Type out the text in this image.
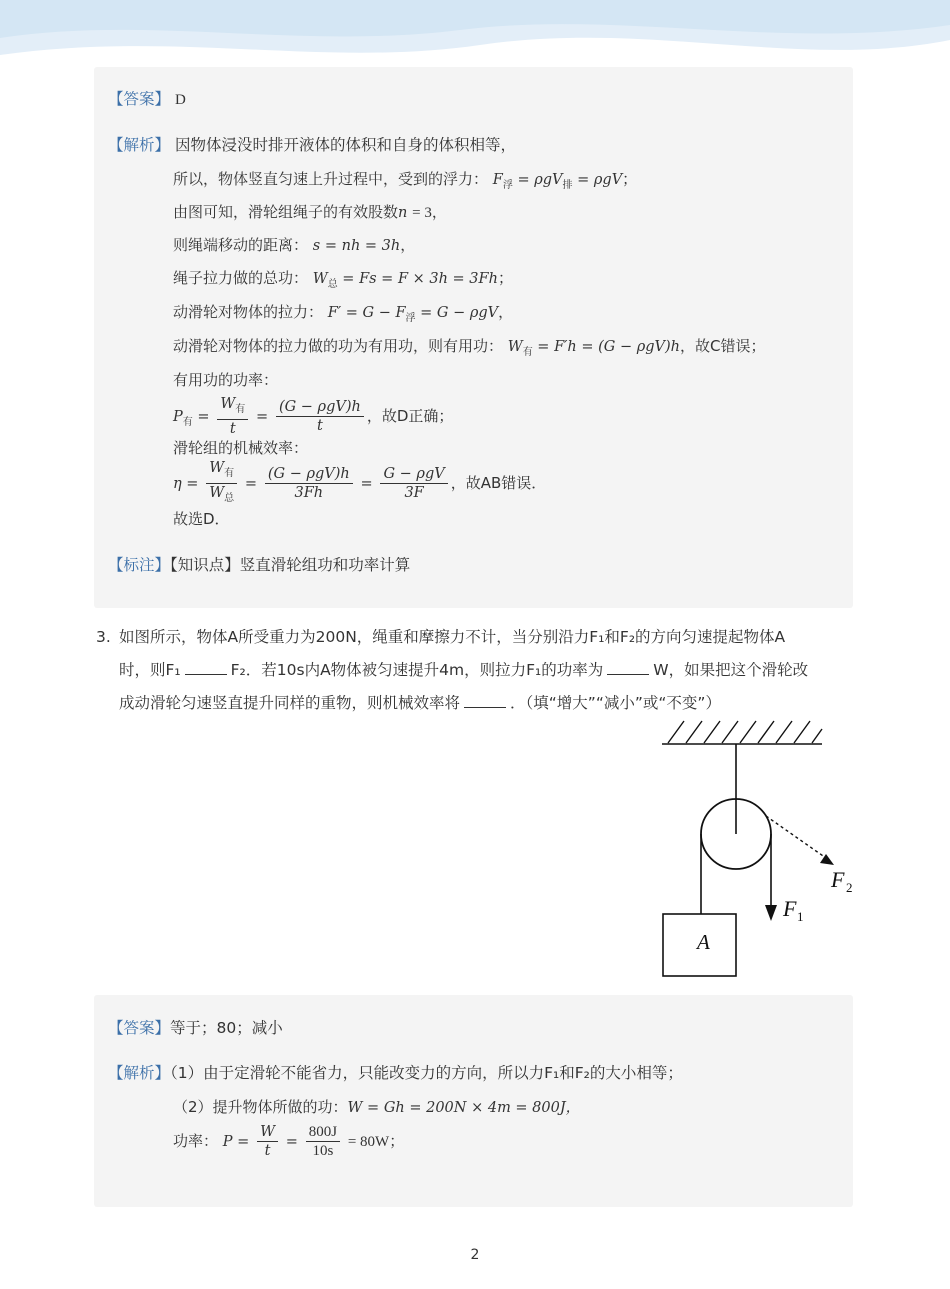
【答案】 D
【解析】 因物体浸没时排开液体的体积和自身的体积相等，
所以，物体竖直匀速上升过程中，受到的浮力： $F_浮 = \rho gV_排 = \rho gV$；
由图可知，滑轮组绳子的有效股数n = 3，
则绳端移动的距离： s = nh = 3h，
绳子拉力做的总功： $W_总 = Fs = F \times 3h = 3Fh$；
动滑轮对物体的拉力： $F' = G - F_浮 = G - \rho gV$，
动滑轮对物体的拉力做的功为有用功，则有用功： $W_有 = F'h = (G - \rho gV)h$，故C错误；
有用功的功率：
$P_有 = \frac{W_有}{t} = \frac{\text{(G − ρgV)h}}{t}$ ，故D正确；
滑轮组的机械效率：
$\eta = \frac{W_有}{W_总} = \frac{\text{(G − ρgV)h}}{3Fh} = \frac{\text{G − ρgV}}{3F}$ ，故AB错误．
故选D．
【标注】【知识点】竖直滑轮组功和功率计算
3. 如图所示，物体A所受重力为200N，绳重和摩擦力不计，当分别沿力F₁和F₂的方向匀速提起物体A
时，则F₁	F₂．若10s内A物体被匀速提升4m，则拉力F₁的功率为	W，如果把这个滑轮改
成动滑轮匀速竖直提升同样的重物，则机械效率将	．（填“增大”“减小”或“不变”）
A
F 1
F 2
【答案】等于；80；减小
【解析】（1）由于定滑轮不能省力，只能改变力的方向，所以力F₁和F₂的大小相等；
（2）提升物体所做的功：W = Gh = 200N × 4m = 800J，
功率： $P = \frac{W}{t} = \frac{800J}{10s} = 80W$；
2
